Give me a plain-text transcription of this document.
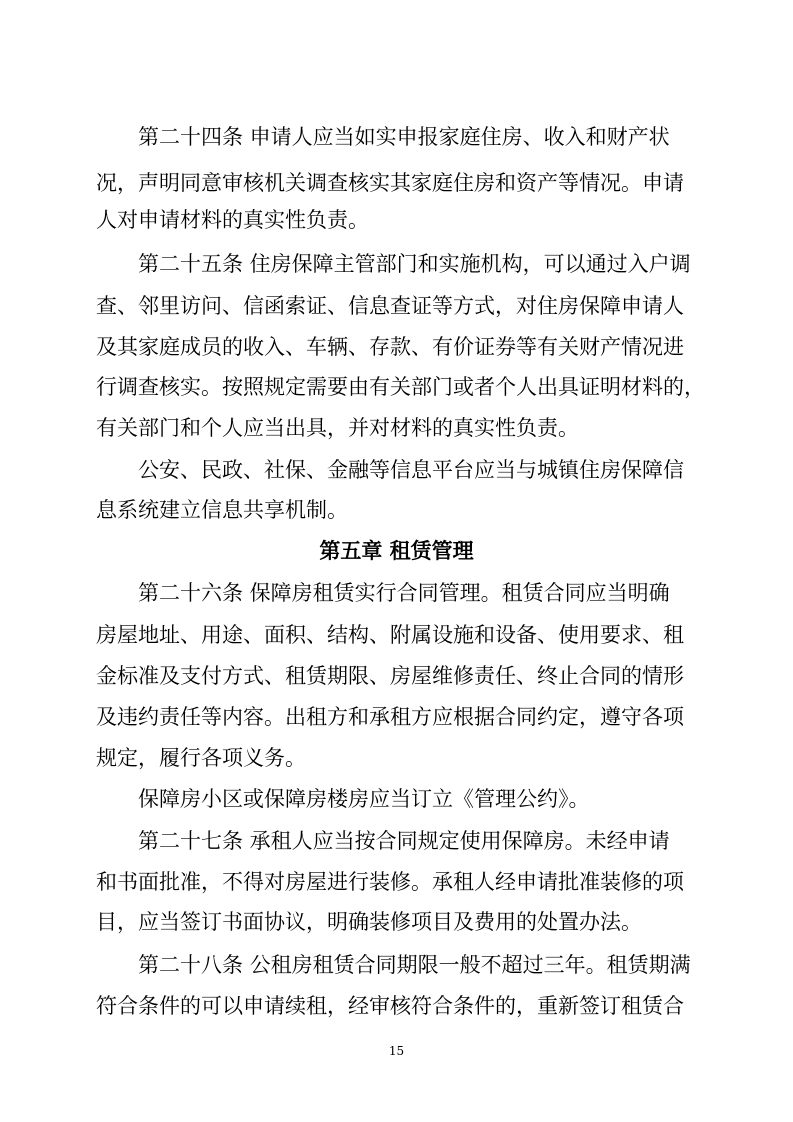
第二十四条 申请人应当如实申报家庭住房、收入和财产状
况，声明同意审核机关调查核实其家庭住房和资产等情况。申请
人对申请材料的真实性负责。
第二十五条 住房保障主管部门和实施机构，可以通过入户调
查、邻里访问、信函索证、信息查证等方式，对住房保障申请人
及其家庭成员的收入、车辆、存款、有价证券等有关财产情况进
行调查核实。按照规定需要由有关部门或者个人出具证明材料的，
有关部门和个人应当出具，并对材料的真实性负责。
公安、民政、社保、金融等信息平台应当与城镇住房保障信
息系统建立信息共享机制。
第五章 租赁管理
第二十六条 保障房租赁实行合同管理。租赁合同应当明确
房屋地址、用途、面积、结构、附属设施和设备、使用要求、租
金标准及支付方式、租赁期限、房屋维修责任、终止合同的情形
及违约责任等内容。出租方和承租方应根据合同约定，遵守各项
规定，履行各项义务。
保障房小区或保障房楼房应当订立《管理公约》。
第二十七条 承租人应当按合同规定使用保障房。未经申请
和书面批准，不得对房屋进行装修。承租人经申请批准装修的项
目，应当签订书面协议，明确装修项目及费用的处置办法。
第二十八条 公租房租赁合同期限一般不超过三年。租赁期满
符合条件的可以申请续租，经审核符合条件的，重新签订租赁合
15
